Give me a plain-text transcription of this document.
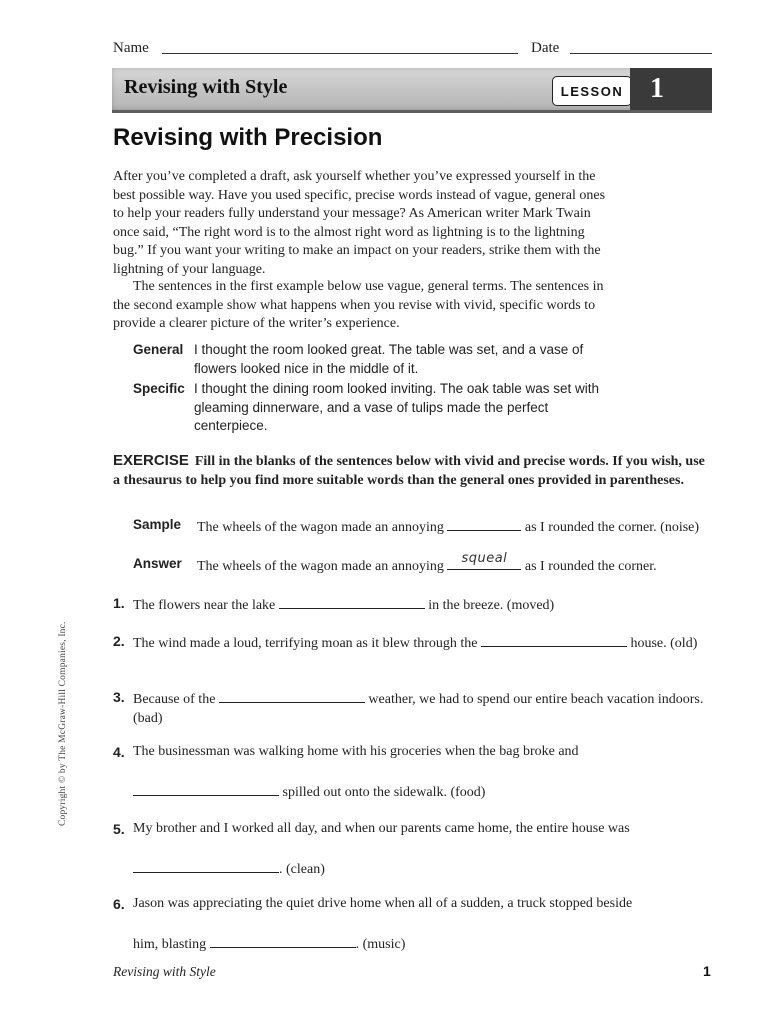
Name	Date
Revising with Style	LESSON 1
Revising with Precision

After you’ve completed a draft, ask yourself whether you’ve expressed yourself in the best possible way. Have you used specific, precise words instead of vague, general ones to help your readers fully understand your message? As American writer Mark Twain once said, “The right word is to the almost right word as lightning is to the lightning bug.” If you want your writing to make an impact on your readers, strike them with the lightning of your language.

The sentences in the first example below use vague, general terms. The sentences in the second example show what happens when you revise with vivid, specific words to provide a clearer picture of the writer’s experience.

General I thought the room looked great. The table was set, and a vase of flowers looked nice in the middle of it.
Specific I thought the dining room looked inviting. The oak table was set with gleaming dinnerware, and a vase of tulips made the perfect centerpiece.

EXERCISE Fill in the blanks of the sentences below with vivid and precise words. If you wish, use a thesaurus to help you find more suitable words than the general ones provided in parentheses.

Sample The wheels of the wagon made an annoying	as I rounded the corner. (noise)
Answer The wheels of the wagon made an annoying
squeal
as I rounded the corner.
1. The flowers near the lake	in the breeze. (moved)
2. The wind made a loud, terrifying moan as it blew through the	house. (old)
3. Because of the	weather, we had to spend our entire beach vacation indoors. (bad)
4. The businessman was walking home with his groceries when the bag broke and
spilled out onto the sidewalk. (food)
5. My brother and I worked all day, and when our parents came home, the entire house was
. (clean)
6. Jason was appreciating the quiet drive home when all of a sudden, a truck stopped beside
him, blasting	. (music)
Copyright © by The McGraw-Hill Companies, Inc.
Revising with Style	1
